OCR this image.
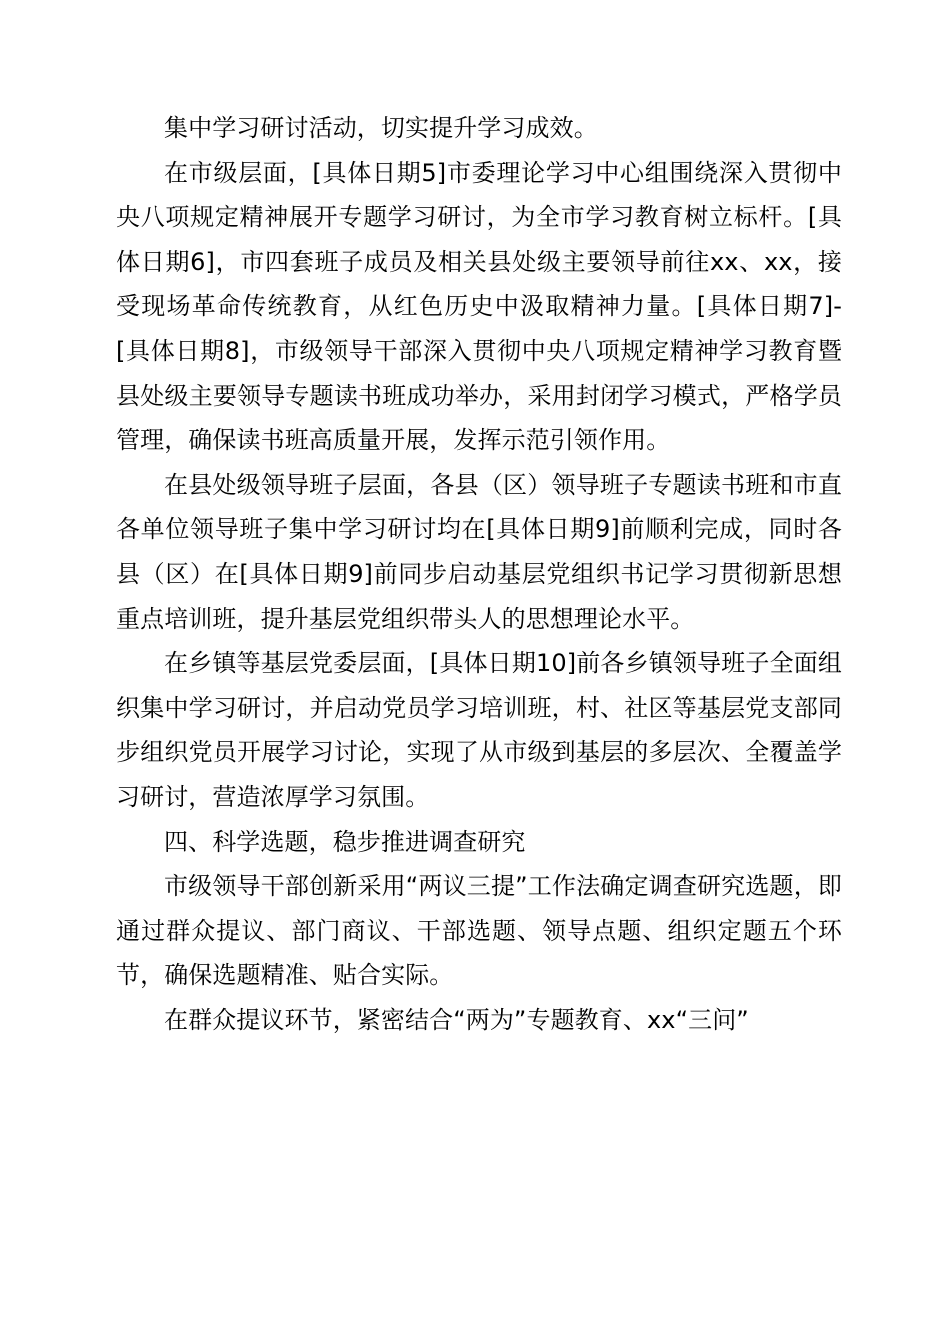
集中学习研讨活动，切实提升学习成效。

在市级层面，[具体日期5]市委理论学习中心组围绕深入贯彻中央八项规定精神展开专题学习研讨，为全市学习教育树立标杆。[具体日期6]，市四套班子成员及相关县处级主要领导前往xx、xx，接受现场革命传统教育，从红色历史中汲取精神力量。[具体日期7]-[具体日期8]，市级领导干部深入贯彻中央八项规定精神学习教育暨县处级主要领导专题读书班成功举办，采用封闭学习模式，严格学员管理，确保读书班高质量开展，发挥示范引领作用。

在县处级领导班子层面，各县（区）领导班子专题读书班和市直各单位领导班子集中学习研讨均在[具体日期9]前顺利完成，同时各县（区）在[具体日期9]前同步启动基层党组织书记学习贯彻新思想重点培训班，提升基层党组织带头人的思想理论水平。

在乡镇等基层党委层面，[具体日期10]前各乡镇领导班子全面组织集中学习研讨，并启动党员学习培训班，村、社区等基层党支部同步组织党员开展学习讨论，实现了从市级到基层的多层次、全覆盖学习研讨，营造浓厚学习氛围。

四、科学选题，稳步推进调查研究

市级领导干部创新采用“两议三提”工作法确定调查研究选题，即通过群众提议、部门商议、干部选题、领导点题、组织定题五个环节，确保选题精准、贴合实际。

在群众提议环节，紧密结合“两为”专题教育、xx“三问”
